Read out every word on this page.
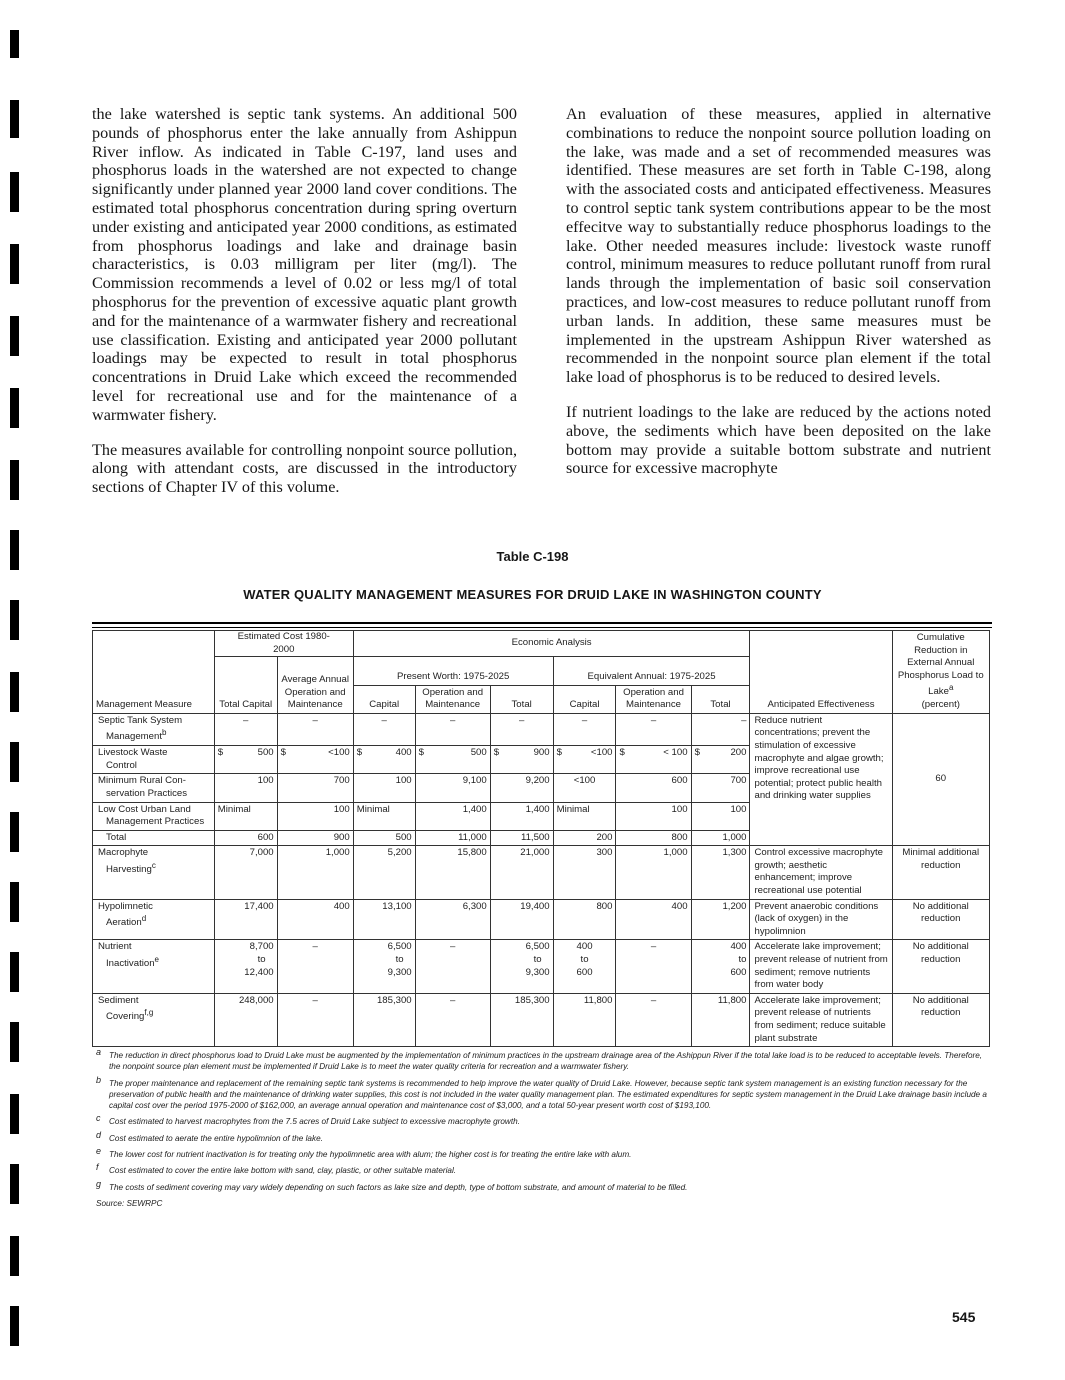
the lake watershed is septic tank systems. An additional 500 pounds of phosphorus enter the lake annually from Ashippun River inflow. As indicated in Table C-197, land uses and phosphorus loads in the watershed are not expected to change significantly under planned year 2000 land cover conditions. The estimated total phosphorus concentration during spring overturn under existing and anticipated year 2000 conditions, as estimated from phosphorus loadings and lake and drainage basin characteristics, is 0.03 milligram per liter (mg/l). The Commission recommends a level of 0.02 or less mg/l of total phosphorus for the prevention of excessive aquatic plant growth and for the maintenance of a warmwater fishery and recreational use classification. Existing and anticipated year 2000 pollutant loadings may be expected to result in total phosphorus concentrations in Druid Lake which exceed the recommended level for recreational use and for the maintenance of a warmwater fishery.

The measures available for controlling nonpoint source pollution, along with attendant costs, are discussed in the introductory sections of Chapter IV of this volume.

An evaluation of these measures, applied in alternative combinations to reduce the nonpoint source pollution loading on the lake, was made and a set of recommended measures was identified. These measures are set forth in Table C-198, along with the associated costs and anticipated effectiveness. Measures to control septic tank system contributions appear to be the most effecitve way to substantially reduce phosphorus loadings to the lake. Other needed measures include: livestock waste runoff control, minimum measures to reduce pollutant runoff from rural lands through the implementation of basic soil conservation practices, and low-cost measures to reduce pollutant runoff from urban lands. In addition, these same measures must be implemented in the upstream Ashippun River watershed as recommended in the nonpoint source plan element if the total lake load of phosphorus is to be reduced to desired levels.

If nutrient loadings to the lake are reduced by the actions noted above, the sediments which have been deposited on the lake bottom may provide a suitable bottom substrate and nutrient source for excessive macrophyte

Table C-198
WATER QUALITY MANAGEMENT MEASURES FOR DRUID LAKE IN WASHINGTON COUNTY
Management Measure	Estimated Cost 1980-2000		Economic Analysis						Anticipated Effectiveness	Cumulative Reduction in External Annual Phosphorus Load to Lake$^a$
(percent)

	Total Capital	Average Annual Operation and Maintenance	Present Worth: 1975-2025			Equivalent Annual: 1975-2025				
			Capital	Operation and Maintenance	Total	Capital	Operation and Maintenance	Total		

Septic Tank System
Management$^b$	–	–	–	–	–	–	–	–	Reduce nutrient concentrations; prevent the stimulation of excessive macrophyte and algae growth; improve recreational use potential; protect public health and drinking water supplies	60

Livestock Waste
Control	$ 500	$ <100	$ 400	$ 500	$ 900	$ <100	$ < 100	$ 200		

Minimum Rural Con-
servation Practices	100	700	100	9,100	9,200	<100	600	700		

Low Cost Urban Land
Management Practices	Minimal	100	Minimal	1,400	1,400	Minimal	100	100		

Total	600	900	500	11,000	11,500	200	800	1,000		

Macrophyte
Harvesting$^c$	7,000	1,000	5,200	15,800	21,000	300	1,000	1,300	Control excessive macrophyte growth; aesthetic enhancement; improve recreational use potential	Minimal additional reduction

Hypolimnetic
Aeration$^d$	17,400	400	13,100	6,300	19,400	800	400	1,200	Prevent anaerobic conditions (lack of oxygen) in the hypolimnion	No additional reduction

Nutrient
Inactivation$^e$	8,700
to
12,400	–	6,500
to
9,300	–	6,500
to
9,300	400
to
600	–	400
to
600	Accelerate lake improvement; prevent release of nutrient from sediment; remove nutrients from water body	No additional reduction

Sediment
Covering$^{f,g}$	248,000	–	185,300	–	185,300	11,800	–	11,800	Accelerate lake improvement; prevent release of nutrients from sediment; reduce suitable plant substrate	No additional reduction
a The reduction in direct phosphorus load to Druid Lake must be augmented by the implementation of minimum practices in the upstream drainage area of the Ashippun River if the total lake load is to be reduced to acceptable levels. Therefore, the nonpoint source plan element must be implemented if Druid Lake is to meet the water quality criteria for recreation and a warmwater fishery.
b The proper maintenance and replacement of the remaining septic tank systems is recommended to help improve the water quality of Druid Lake. However, because septic tank system management is an existing function necessary for the preservation of public health and the maintenance of drinking water supplies, this cost is not included in the water quality management plan. The estimated expenditures for septic system management in the Druid Lake drainage basin include a capital cost over the period 1975-2000 of $162,000, an average annual operation and maintenance cost of $3,000, and a total 50-year present worth cost of $193,100.
c Cost estimated to harvest macrophytes from the 7.5 acres of Druid Lake subject to excessive macrophyte growth.
d Cost estimated to aerate the entire hypolimnion of the lake.
e The lower cost for nutrient inactivation is for treating only the hypolimnetic area with alum; the higher cost is for treating the entire lake with alum.
f Cost estimated to cover the entire lake bottom with sand, clay, plastic, or other suitable material.
g The costs of sediment covering may vary widely depending on such factors as lake size and depth, type of bottom substrate, and amount of material to be filled.
Source: SEWRPC
545
